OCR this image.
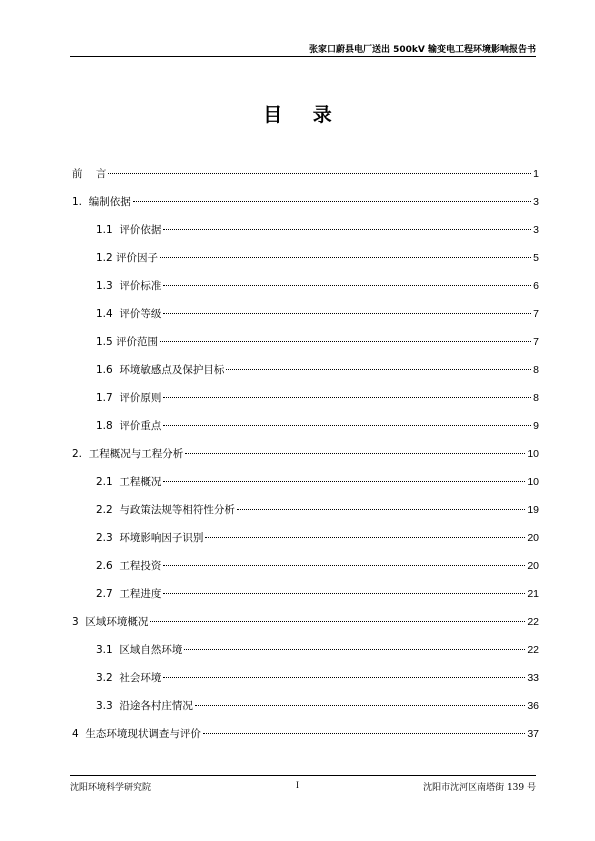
张家口蔚县电厂送出 500kV 输变电工程环境影响报告书
目 录
前    言	1
1.  编制依据	3
1.1  评价依据	3
1.2 评价因子	5
1.3  评价标准	6
1.4  评价等级	7
1.5 评价范围	7
1.6  环境敏感点及保护目标	8
1.7  评价原则	8
1.8  评价重点	9
2.  工程概况与工程分析	10
2.1  工程概况	10
2.2  与政策法规等相符性分析	19
2.3  环境影响因子识别	20
2.6  工程投资	20
2.7  工程进度	21
3  区域环境概况	22
3.1  区域自然环境	22
3.2  社会环境	33
3.3  沿途各村庄情况	36
4  生态环境现状调查与评价	37
沈阳环境科学研究院	I	沈阳市沈河区南塔街 139 号
